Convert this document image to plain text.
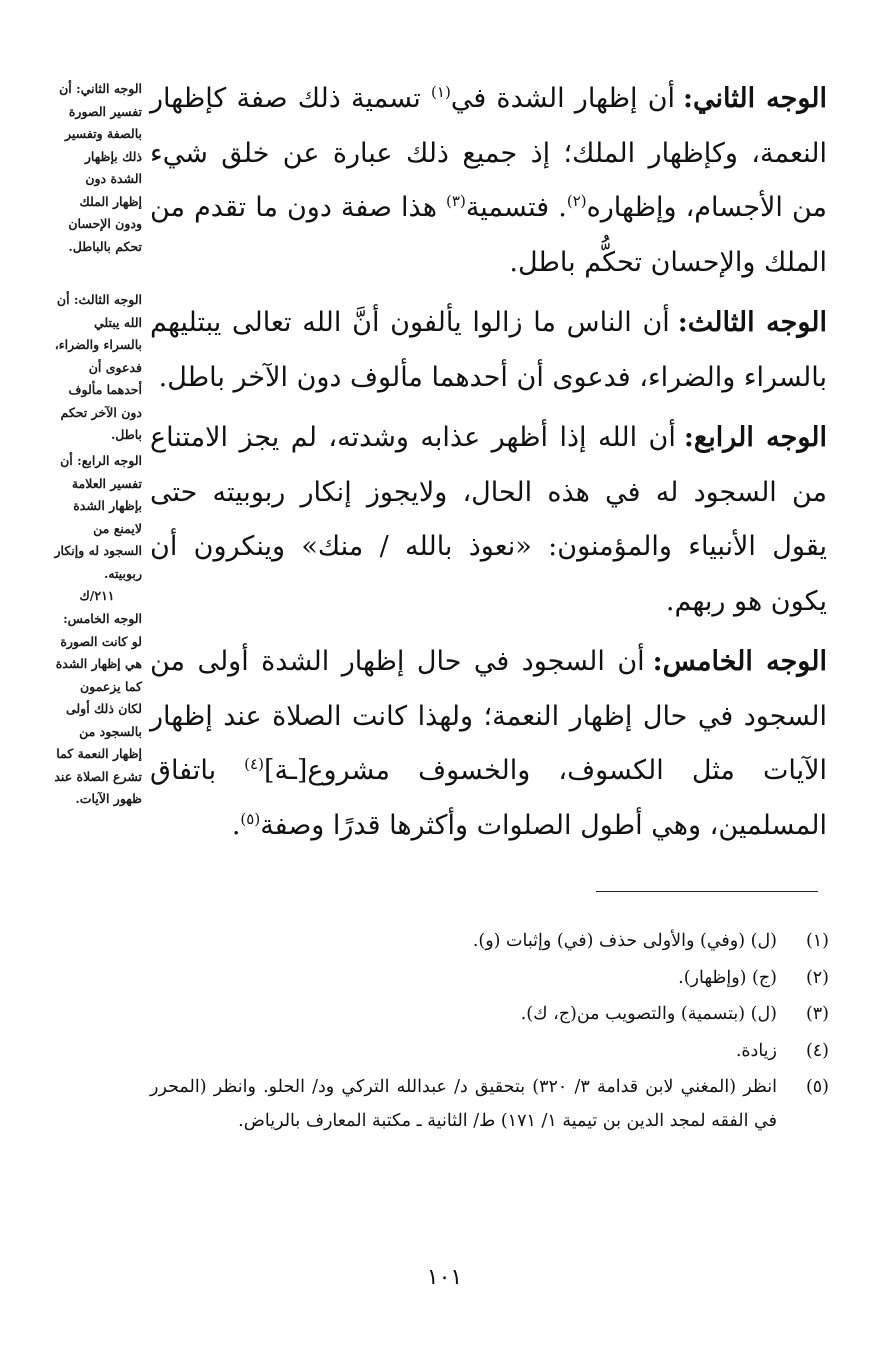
الوجه الثاني:أن إظهار الشدة في$^{(١)}$ تسمية ذلك صفة كإظهار النعمة، وكإظهار الملك؛ إذ جميع ذلك عبارة عن خلق شيء من الأجسام، وإظهاره$^{(٢)}$. فتسمية$^{(٣)}$ هذا صفة دون ما تقدم من الملك والإحسان تحكُّم باطل.

الوجه الثالث:أن الناس ما زالوا يألفون أنَّ الله تعالى يبتليهم بالسراء والضراء، فدعوى أن أحدهما مألوف دون الآخر باطل.

الوجه الرابع:أن الله إذا أظهر عذابه وشدته، لم يجز الامتناع من السجود له في هذه الحال، ولايجوز إنكار ربوبيته حتى يقول الأنبياء والمؤمنون: «نعوذ بالله / منك» وينكرون أن يكون هو ربهم.

الوجه الخامس:أن السجود في حال إظهار الشدة أولى من السجود في حال إظهار النعمة؛ ولهذا كانت الصلاة عند إظهار الآيات مثل الكسوف، والخسوف مشروع[ـة]$^{(٤)}$ باتفاق المسلمين، وهي أطول الصلوات وأكثرها قدرًا وصفة$^{(٥)}$.

الوجه الثاني: أن تفسير الصورة بالصفة وتفسير ذلك بإظهار الشدة دون إظهار الملك ودون الإحسان تحكم بالباطل.
الوجه الثالث: أن الله يبتلي بالسراء والضراء، فدعوى أن أحدهما مألوف دون الآخر تحكم باطل.
الوجه الرابع: أن تفسير العلامة بإظهار الشدة لايمنع من السجود له وإنكار ربوبيته.
٢١١/ك
الوجه الخامس: لو كانت الصورة هي إظهار الشدة كما يزعمون لكان ذلك أولى بالسجود من إظهار النعمة كما تشرع الصلاة عند ظهور الآيات.
(١)
(ل) (وفي) والأولى حذف (في) وإثبات (و).
(٢)
(ج) (وإظهار).
(٣)
(ل) (بتسمية) والتصويب من(ج، ك).
(٤)
زيادة.
(٥)
انظر (المغني لابن قدامة ٣/ ٣٢٠) بتحقيق د/ عبدالله التركي ود/ الحلو. وانظر (المحرر في الفقه لمجد الدين بن تيمية ١/ ١٧١) ط/ الثانية ـ مكتبة المعارف بالرياض.
١٠١
